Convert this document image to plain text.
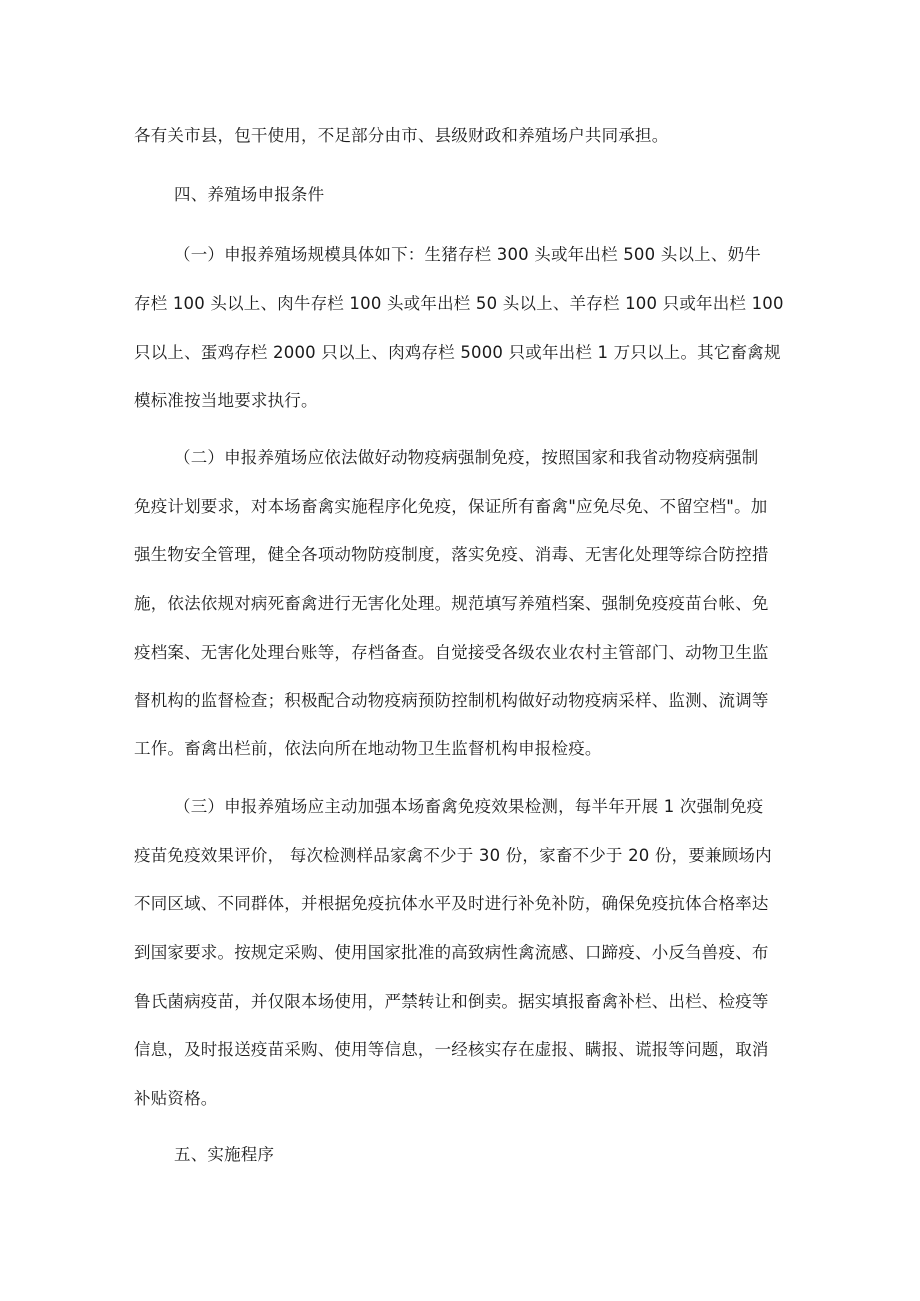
各有关市县，包干使用，不足部分由市、县级财政和养殖场户共同承担。
四、养殖场申报条件
（一）申报养殖场规模具体如下：生猪存栏 300 头或年出栏 500 头以上、奶牛
存栏 100 头以上、肉牛存栏 100 头或年出栏 50 头以上、羊存栏 100 只或年出栏 100
只以上、蛋鸡存栏 2000 只以上、肉鸡存栏 5000 只或年出栏 1 万只以上。其它畜禽规
模标准按当地要求执行。
（二）申报养殖场应依法做好动物疫病强制免疫，按照国家和我省动物疫病强制
免疫计划要求，对本场畜禽实施程序化免疫，保证所有畜禽"应免尽免、不留空档"。加
强生物安全管理，健全各项动物防疫制度，落实免疫、消毒、无害化处理等综合防控措
施，依法依规对病死畜禽进行无害化处理。规范填写养殖档案、强制免疫疫苗台帐、免
疫档案、无害化处理台账等，存档备查。自觉接受各级农业农村主管部门、动物卫生监
督机构的监督检查；积极配合动物疫病预防控制机构做好动物疫病采样、监测、流调等
工作。畜禽出栏前，依法向所在地动物卫生监督机构申报检疫。
（三）申报养殖场应主动加强本场畜禽免疫效果检测，每半年开展 1 次强制免疫
疫苗免疫效果评价， 每次检测样品家禽不少于 30 份，家畜不少于 20 份，要兼顾场内
不同区域、不同群体，并根据免疫抗体水平及时进行补免补防，确保免疫抗体合格率达
到国家要求。按规定采购、使用国家批准的高致病性禽流感、口蹄疫、小反刍兽疫、布
鲁氏菌病疫苗，并仅限本场使用，严禁转让和倒卖。据实填报畜禽补栏、出栏、检疫等
信息，及时报送疫苗采购、使用等信息，一经核实存在虚报、瞒报、谎报等问题，取消
补贴资格。
五、实施程序
